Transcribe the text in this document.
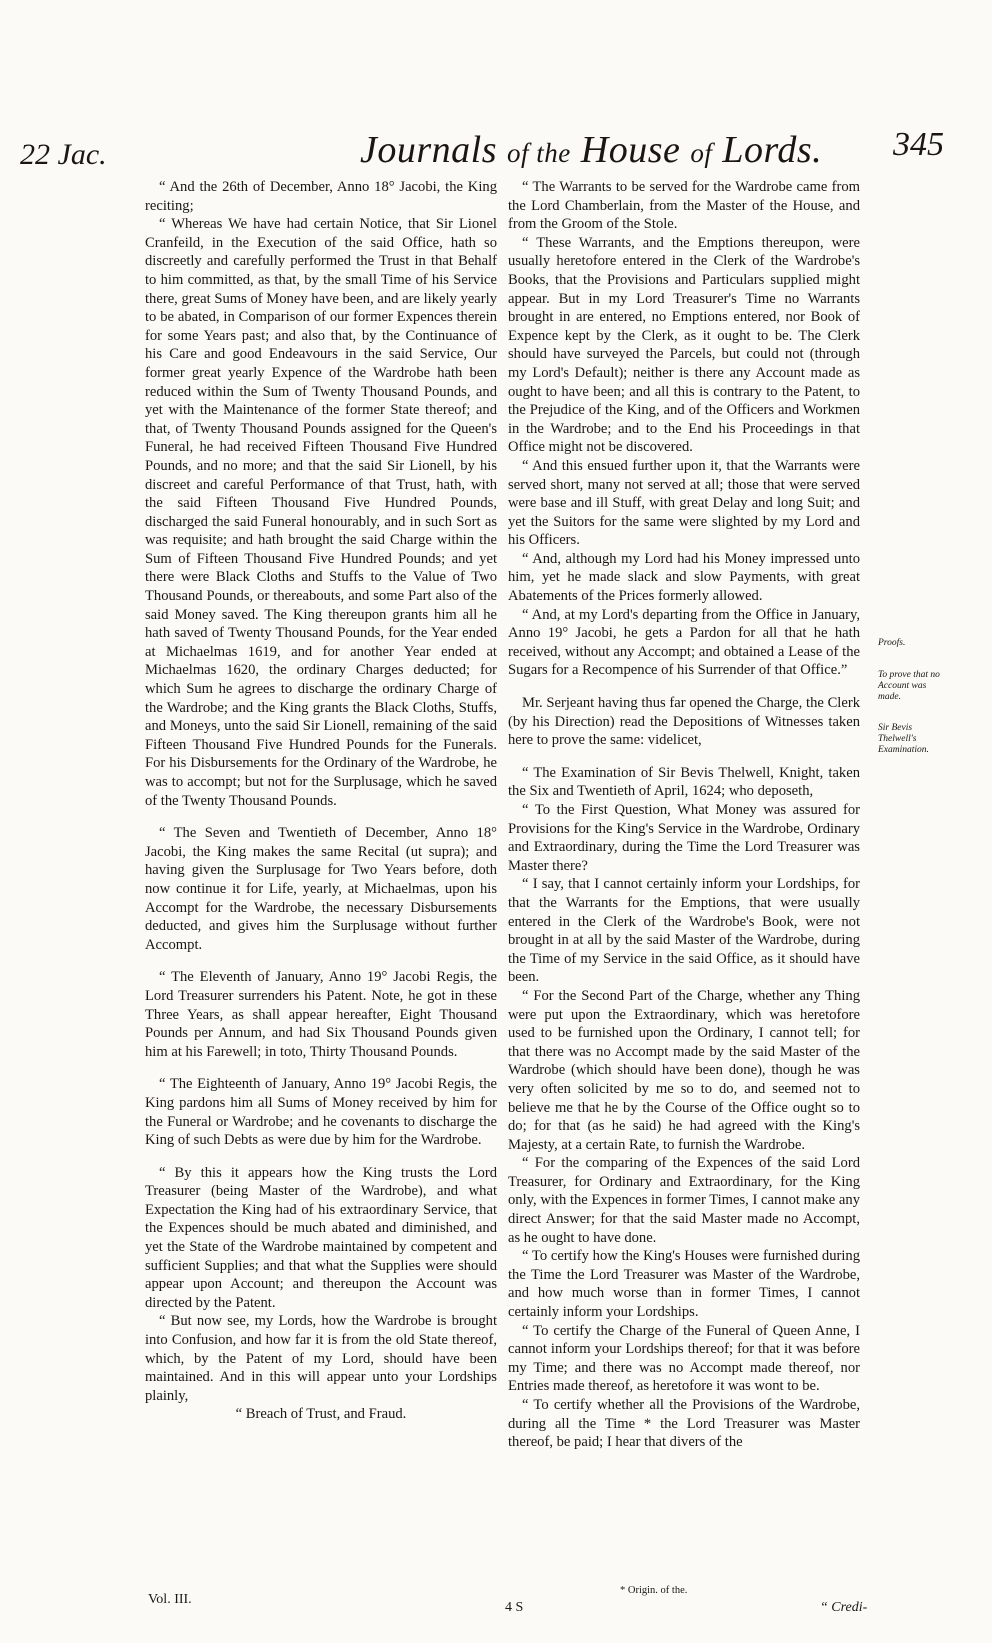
22 Jac.	Journals of the House of Lords. 345

“ And the 26th of December, Anno 18° Jacobi, the King reciting;

“ Whereas We have had certain Notice, that Sir Lionel Cranfeild, in the Execution of the said Office, hath so discreetly and carefully performed the Trust in that Behalf to him committed, as that, by the small Time of his Service there, great Sums of Money have been, and are likely yearly to be abated, in Comparison of our former Expences therein for some Years past; and also that, by the Continuance of his Care and good Endeavours in the said Service, Our former great yearly Expence of the Wardrobe hath been reduced within the Sum of Twenty Thousand Pounds, and yet with the Maintenance of the former State thereof; and that, of Twenty Thousand Pounds assigned for the Queen's Funeral, he had received Fifteen Thousand Five Hundred Pounds, and no more; and that the said Sir Lionell, by his discreet and careful Performance of that Trust, hath, with the said Fifteen Thousand Five Hundred Pounds, discharged the said Funeral honourably, and in such Sort as was requisite; and hath brought the said Charge within the Sum of Fifteen Thousand Five Hundred Pounds; and yet there were Black Cloths and Stuffs to the Value of Two Thousand Pounds, or thereabouts, and some Part also of the said Money saved. The King thereupon grants him all he hath saved of Twenty Thousand Pounds, for the Year ended at Michaelmas 1619, and for another Year ended at Michaelmas 1620, the ordinary Charges deducted; for which Sum he agrees to discharge the ordinary Charge of the Wardrobe; and the King grants the Black Cloths, Stuffs, and Moneys, unto the said Sir Lionell, remaining of the said Fifteen Thousand Five Hundred Pounds for the Funerals. For his Disbursements for the Ordinary of the Wardrobe, he was to accompt; but not for the Surplusage, which he saved of the Twenty Thousand Pounds.

“ The Seven and Twentieth of December, Anno 18° Jacobi, the King makes the same Recital (ut supra); and having given the Surplusage for Two Years before, doth now continue it for Life, yearly, at Michaelmas, upon his Accompt for the Wardrobe, the necessary Disbursements deducted, and gives him the Surplusage without further Accompt.

“ The Eleventh of January, Anno 19° Jacobi Regis, the Lord Treasurer surrenders his Patent. Note, he got in these Three Years, as shall appear hereafter, Eight Thousand Pounds per Annum, and had Six Thousand Pounds given him at his Farewell; in toto, Thirty Thousand Pounds.

“ The Eighteenth of January, Anno 19° Jacobi Regis, the King pardons him all Sums of Money received by him for the Funeral or Wardrobe; and he covenants to discharge the King of such Debts as were due by him for the Wardrobe.

“ By this it appears how the King trusts the Lord Treasurer (being Master of the Wardrobe), and what Expectation the King had of his extraordinary Service, that the Expences should be much abated and diminished, and yet the State of the Wardrobe maintained by competent and sufficient Supplies; and that what the Supplies were should appear upon Account; and thereupon the Account was directed by the Patent.

“ But now see, my Lords, how the Wardrobe is brought into Confusion, and how far it is from the old State thereof, which, by the Patent of my Lord, should have been maintained. And in this will appear unto your Lordships plainly,

“ Breach of Trust, and Fraud.

“ The Warrants to be served for the Wardrobe came from the Lord Chamberlain, from the Master of the House, and from the Groom of the Stole.

“ These Warrants, and the Emptions thereupon, were usually heretofore entered in the Clerk of the Wardrobe's Books, that the Provisions and Particulars supplied might appear. But in my Lord Treasurer's Time no Warrants brought in are entered, no Emptions entered, nor Book of Expence kept by the Clerk, as it ought to be. The Clerk should have surveyed the Parcels, but could not (through my Lord's Default); neither is there any Account made as ought to have been; and all this is contrary to the Patent, to the Prejudice of the King, and of the Officers and Workmen in the Wardrobe; and to the End his Proceedings in that Office might not be discovered.

“ And this ensued further upon it, that the Warrants were served short, many not served at all; those that were served were base and ill Stuff, with great Delay and long Suit; and yet the Suitors for the same were slighted by my Lord and his Officers.

“ And, although my Lord had his Money impressed unto him, yet he made slack and slow Payments, with great Abatements of the Prices formerly allowed.

“ And, at my Lord's departing from the Office in January, Anno 19° Jacobi, he gets a Pardon for all that he hath received, without any Accompt; and obtained a Lease of the Sugars for a Recompence of his Surrender of that Office.”

Mr. Serjeant having thus far opened the Charge, the Clerk (by his Direction) read the Depositions of Witnesses taken here to prove the same: videlicet,

“ The Examination of Sir Bevis Thelwell, Knight, taken the Six and Twentieth of April, 1624; who deposeth,

“ To the First Question, What Money was assured for Provisions for the King's Service in the Wardrobe, Ordinary and Extraordinary, during the Time the Lord Treasurer was Master there?

“ I say, that I cannot certainly inform your Lordships, for that the Warrants for the Emptions, that were usually entered in the Clerk of the Wardrobe's Book, were not brought in at all by the said Master of the Wardrobe, during the Time of my Service in the said Office, as it should have been.

“ For the Second Part of the Charge, whether any Thing were put upon the Extraordinary, which was heretofore used to be furnished upon the Ordinary, I cannot tell; for that there was no Accompt made by the said Master of the Wardrobe (which should have been done), though he was very often solicited by me so to do, and seemed not to believe me that he by the Course of the Office ought so to do; for that (as he said) he had agreed with the King's Majesty, at a certain Rate, to furnish the Wardrobe.

“ For the comparing of the Expences of the said Lord Treasurer, for Ordinary and Extraordinary, for the King only, with the Expences in former Times, I cannot make any direct Answer; for that the said Master made no Accompt, as he ought to have done.

“ To certify how the King's Houses were furnished during the Time the Lord Treasurer was Master of the Wardrobe, and how much worse than in former Times, I cannot certainly inform your Lordships.

“ To certify the Charge of the Funeral of Queen Anne, I cannot inform your Lordships thereof; for that it was before my Time; and there was no Accompt made thereof, nor Entries made thereof, as heretofore it was wont to be.

“ To certify whether all the Provisions of the Wardrobe, during all the Time * the Lord Treasurer was Master thereof, be paid; I hear that divers of the

Proofs.
To prove that no Account was made.
Sir Bevis Thelwell's Examination.
Vol. III.
4 S
* Origin. of the.
“ Credi-
